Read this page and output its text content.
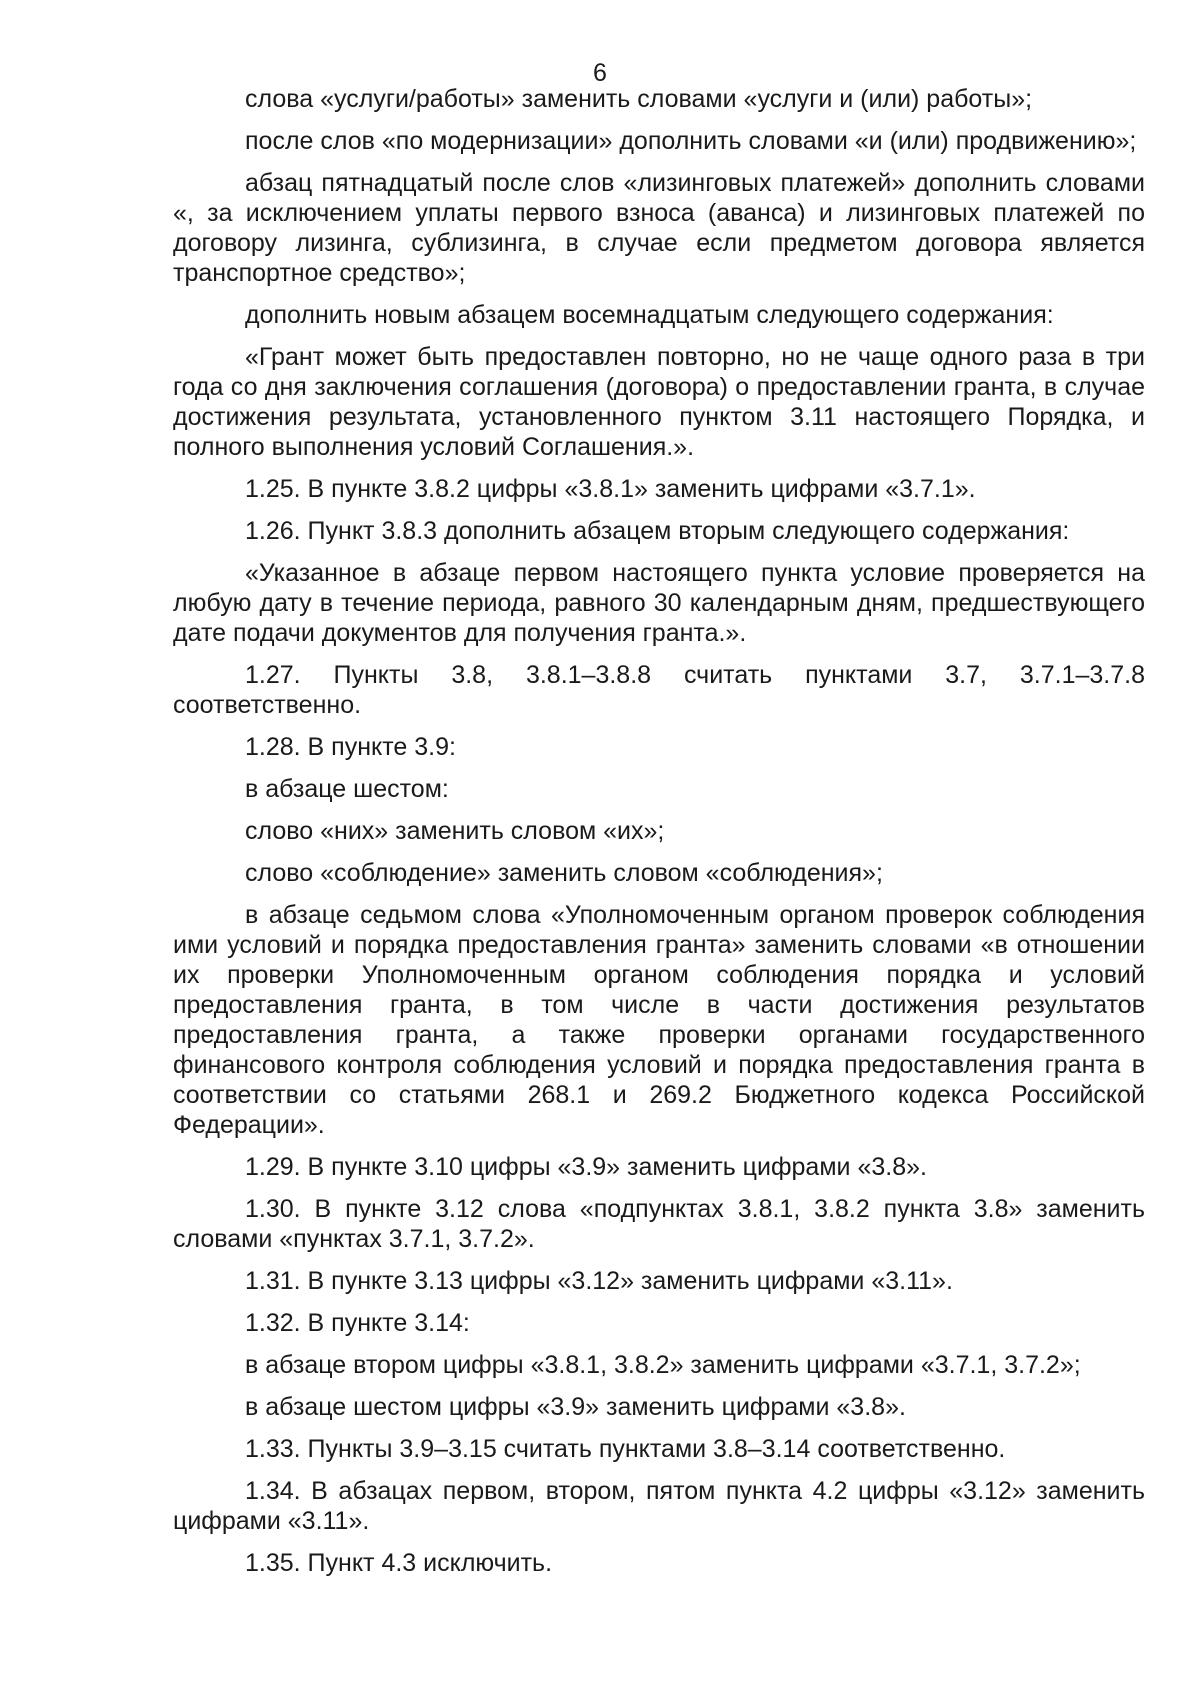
6

слова «услуги/работы» заменить словами «услуги и (или) работы»;

после слов «по модернизации» дополнить словами «и (или) продвижению»;

абзац пятнадцатый после слов «лизинговых платежей» дополнить словами «, за исключением уплаты первого взноса (аванса) и лизинговых платежей по договору лизинга, сублизинга, в случае если предметом договора является транспортное средство»;

дополнить новым абзацем восемнадцатым следующего содержания:

«Грант может быть предоставлен повторно, но не чаще одного раза в три года со дня заключения соглашения (договора) о предоставлении гранта, в случае достижения результата, установленного пунктом 3.11 настоящего Порядка, и полного выполнения условий Соглашения.».

1.25. В пункте 3.8.2 цифры «3.8.1» заменить цифрами «3.7.1».

1.26. Пункт 3.8.3 дополнить абзацем вторым следующего содержания:

«Указанное в абзаце первом настоящего пункта условие проверяется на любую дату в течение периода, равного 30 календарным дням, предшествующего дате подачи документов для получения гранта.».

1.27. Пункты 3.8, 3.8.1–3.8.8 считать пунктами 3.7, 3.7.1–3.7.8 соответственно.

1.28. В пункте 3.9:

в абзаце шестом:

слово «них» заменить словом «их»;

слово «соблюдение» заменить словом «соблюдения»;

в абзаце седьмом слова «Уполномоченным органом проверок соблюдения ими условий и порядка предоставления гранта» заменить словами «в отношении их проверки Уполномоченным органом соблюдения порядка и условий предоставления гранта, в том числе в части достижения результатов предоставления гранта, а также проверки органами государственного финансового контроля соблюдения условий и порядка предоставления гранта в соответствии со статьями 268.1 и 269.2 Бюджетного кодекса Российской Федерации».

1.29. В пункте 3.10 цифры «3.9» заменить цифрами «3.8».

1.30. В пункте 3.12 слова «подпунктах 3.8.1, 3.8.2 пункта 3.8» заменить словами «пунктах 3.7.1, 3.7.2».

1.31. В пункте 3.13 цифры «3.12» заменить цифрами «3.11».

1.32. В пункте 3.14:

в абзаце втором цифры «3.8.1, 3.8.2» заменить цифрами «3.7.1, 3.7.2»;

в абзаце шестом цифры «3.9» заменить цифрами «3.8».

1.33. Пункты 3.9–3.15 считать пунктами 3.8–3.14 соответственно.

1.34. В абзацах первом, втором, пятом пункта 4.2 цифры «3.12» заменить цифрами «3.11».

1.35. Пункт 4.3 исключить.
